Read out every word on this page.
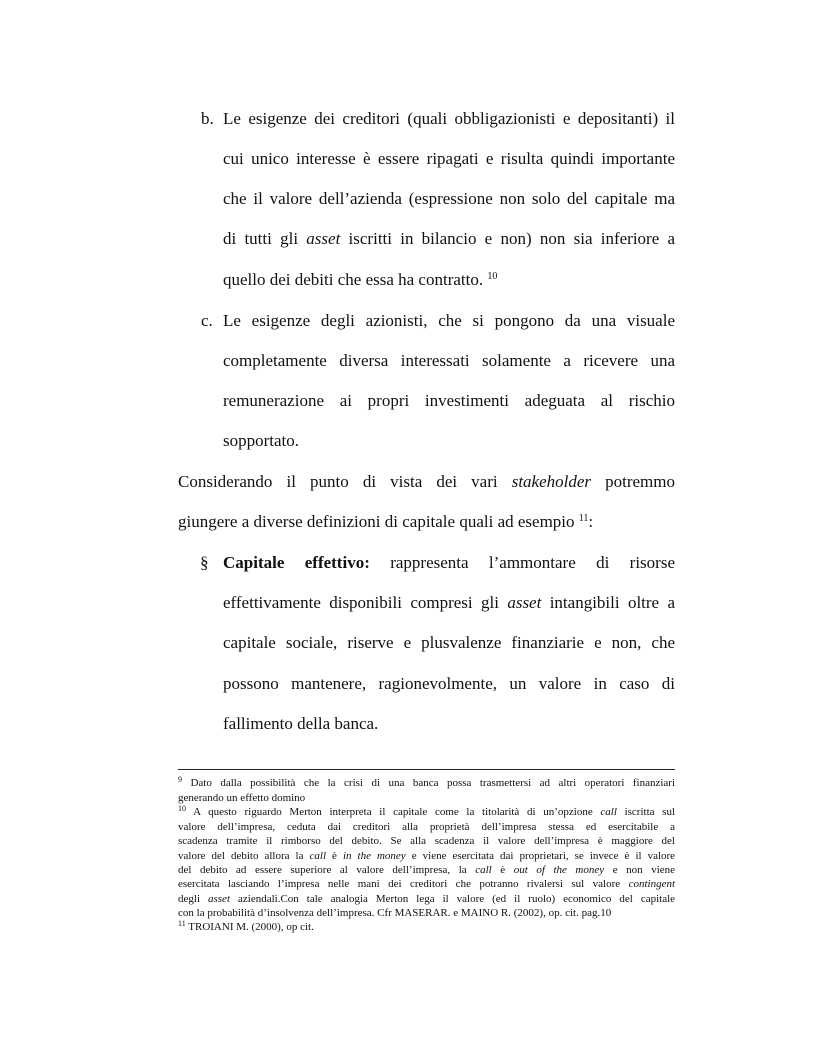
b. Le esigenze dei creditori (quali obbligazionisti e depositanti) il
cui unico interesse è essere ripagati e risulta quindi importante
che il valore dell’azienda (espressione non solo del capitale ma
di tutti gli asset iscritti in bilancio e non) non sia inferiore a
quello dei debiti che essa ha contratto. $^{10}$
c. Le esigenze degli azionisti, che si pongono da una visuale
completamente diversa interessati solamente a ricevere una
remunerazione ai propri investimenti adeguata al rischio
sopportato.
Considerando il punto di vista dei vari stakeholder potremmo
giungere a diverse definizioni di capitale quali ad esempio $^{11}$:
§ Capitale effettivo: rappresenta l’ammontare di risorse
effettivamente disponibili compresi gli asset intangibili oltre a
capitale sociale, riserve e plusvalenze finanziarie e non, che
possono mantenere, ragionevolmente, un valore in caso di
fallimento della banca.
$^9$ Dato dalla possibilità che la crisi di una banca possa trasmettersi ad altri operatori finanziari
generando un effetto domino
$^{10}$ A questo riguardo Merton interpreta il capitale come la titolarità di un’opzione call iscritta sul
valore dell’impresa, ceduta dai creditori alla proprietà dell’impresa stessa ed esercitabile a
scadenza tramite il rimborso del debito. Se alla scadenza il valore dell’impresa è maggiore del
valore del debito allora la call è in the money e viene esercitata dai proprietari, se invece è il valore
del debito ad essere superiore al valore dell’impresa, la call è out of the money e non viene
esercitata lasciando l’impresa nelle mani dei creditori che potranno rivalersi sul valore contingent
degli asset aziendali.Con tale analogia Merton lega il valore (ed il ruolo) economico del capitale
con la probabilità d’insolvenza dell’impresa. Cfr MASERAR. e MAINO R. (2002), op. cit. pag.10
$^{11}$ TROIANI M. (2000), op cit.
